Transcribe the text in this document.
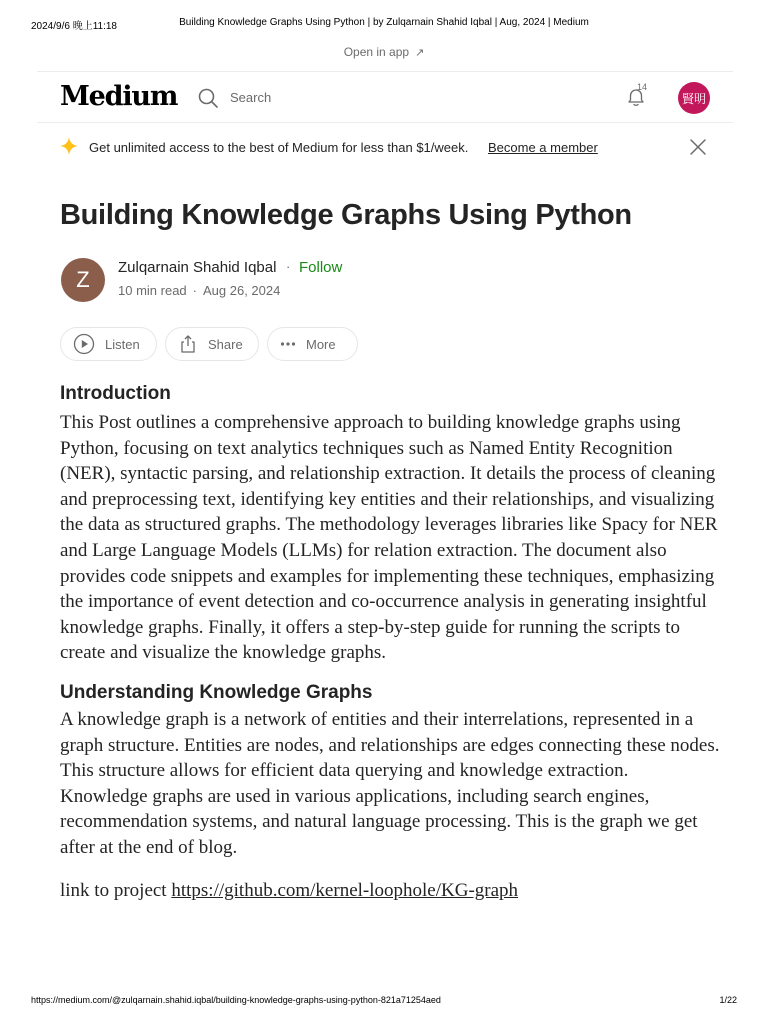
2024/9/6 晚上11:18	Building Knowledge Graphs Using Python | by Zulqarnain Shahid Iqbal | Aug, 2024 | Medium
Open in app ↗
Medium	Search
14
賢明
Get unlimited access to the best of Medium for less than $1/week. Become a member
Building Knowledge Graphs Using Python
Z	Zulqarnain Shahid Iqbal · Follow
10 min read · Aug 26, 2024
Listen	Share	More
Introduction

This Post outlines a comprehensive approach to building knowledge graphs using Python, focusing on text analytics techniques such as Named Entity Recognition (NER), syntactic parsing, and relationship extraction. It details the process of cleaning and preprocessing text, identifying key entities and their relationships, and visualizing the data as structured graphs. The methodology leverages libraries like Spacy for NER and Large Language Models (LLMs) for relation extraction. The document also provides code snippets and examples for implementing these techniques, emphasizing the importance of event detection and co-occurrence analysis in generating insightful knowledge graphs. Finally, it offers a step-by-step guide for running the scripts to create and visualize the knowledge graphs.

Understanding Knowledge Graphs

A knowledge graph is a network of entities and their interrelations, represented in a graph structure. Entities are nodes, and relationships are edges connecting these nodes. This structure allows for efficient data querying and knowledge extraction. Knowledge graphs are used in various applications, including search engines, recommendation systems, and natural language processing. This is the graph we get after at the end of blog.

link to project https://github.com/kernel-loophole/KG-graph

https://medium.com/@zulqarnain.shahid.iqbal/building-knowledge-graphs-using-python-821a71254aed	1/22
